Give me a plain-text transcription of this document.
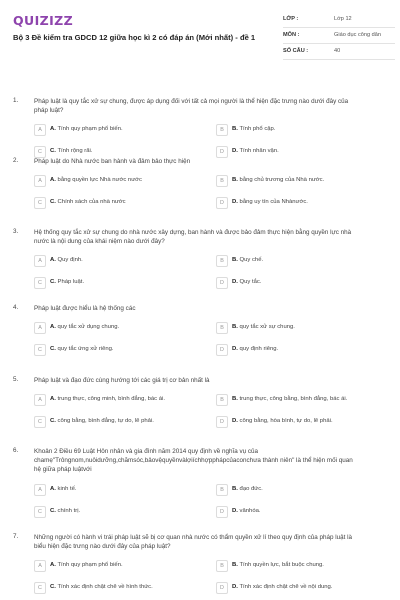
QUIZIZZ
Bộ 3 Đề kiểm tra GDCD 12 giữa học kì 2 có đáp án (Mới nhất) - đề 1
LỚP :	Lớp 12
MÔN :	Giáo dục công dân
SỐ CÂU :	40
1. Pháp luật là quy tắc xử sự chung, được áp dụng đối với tất cả mọi người là thể hiện đặc trưng nào dưới đây của
pháp luật?
A	A. Tính quy phạm phổ biến.	B	B. Tính phổ cập.
C	C. Tính rộng rãi.	D	D. Tính nhân vận.
2. Pháp luật do Nhà nước ban hành và đảm bảo thực hiện
A	A. bằng quyền lực Nhà nước nước	B	B. bằng chủ trương của Nhà nước.
C	C. Chính sách của nhà nước	D	D. bằng uy tín của Nhànước.
3. Hệ thống quy tắc xử sự chung do nhà nước xây dựng, ban hành và được bảo đảm thực hiện bằng quyền lực nhà
nước là nội dung của khái niệm nào dưới đây?
A	A. Quy định.	B	B. Quy chế.
C	C. Pháp luật.	D	D. Quy tắc.
4. Pháp luật được hiểu là hệ thống các
A	A. quy tắc xử dụng chung.	B	B. quy tắc xử sự chung.
C	C. quy tắc ứng xử riêng.	D	D. quy định riêng.
5. Pháp luật và đạo đức cùng hướng tới các giá trị cơ bản nhất là
A	A. trung thực, công minh, bình đẳng, bác ái.	B	B. trung thực, công bằng, bình đẳng, bác ái.
C	C. công bằng, bình đẳng, tự do, lẽ phải.	D	D. công bằng, hòa bình, tự do, lẽ phải.
6. Khoản 2 Điều 69 Luật Hôn nhân và gia đình năm 2014 quy định về nghĩa vụ của
chamẹ"Trôngnom,nuôidưỡng,chămsóc,bảovệquyềnvàlợiíchhợpphápcủaconchưa thành niên" là thể hiện mối quan
hệ giữa pháp luậtvới
A	A. kinh tế.	B	B. đạo đức.
C	C. chính trị.	D	D. vănhóa.
7. Những người có hành vi trái pháp luật sẽ bị cơ quan nhà nước có thẩm quyền xử lí theo quy định của pháp luật là
biểu hiện đặc trưng nào dưới đây của pháp luật?
A	A. Tính quy phạm phổ biến.	B	B. Tính quyền lực, bắt buộc chung.
C	C. Tính xác định chặt chẽ về hình thức.	D	D. Tính xác định chặt chẽ về nội dung.
